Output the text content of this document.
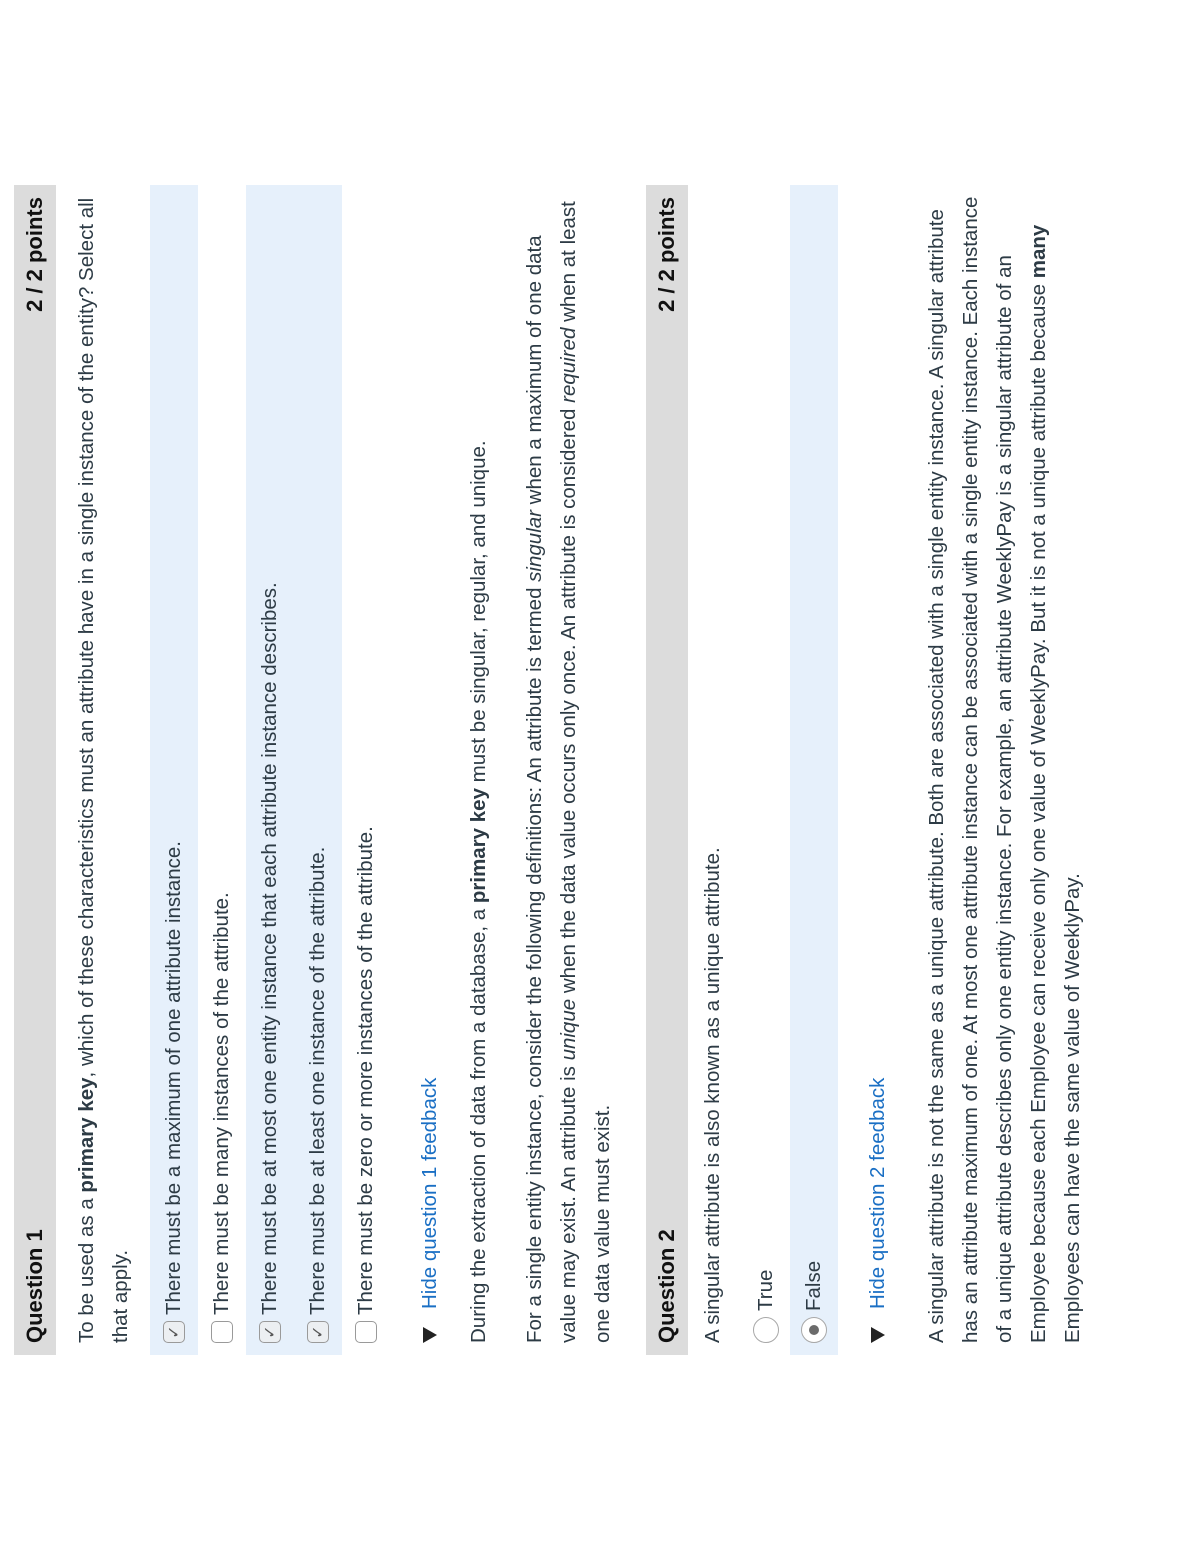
Question 1
2 / 2 points
To be used as a primary key, which of these characteristics must an attribute have in a single instance of the entity? Select all that apply.	✓
There must be a maximum of one attribute instance. There must be many instances of the attribute.
✓
There must be at most one entity instance that each attribute instance describes.
✓
There must be at least one instance of the attribute. There must be zero or more instances of the attribute. Hide question 1 feedback During the extraction of data from a database, a primary key must be singular, regular, and unique. For a single entity instance, consider the following definitions: An attribute is termed singular when a maximum of one data value may exist. An attribute is unique when the data value occurs only once. An attribute is considered required when at least one data value must exist. Question 2
2 / 2 points
A singular attribute is also known as a unique attribute. True False Hide question 2 feedback A singular attribute is not the same as a unique attribute. Both are associated with a single entity instance. A singular attribute has an attribute maximum of one. At most one attribute instance can be associated with a single entity instance. Each instance of a unique attribute describes only one entity instance. For example, an attribute WeeklyPay is a singular attribute of an Employee because each Employee can receive only one value of WeeklyPay. But it is not a unique attribute because many Employees can have the same value of WeeklyPay.
